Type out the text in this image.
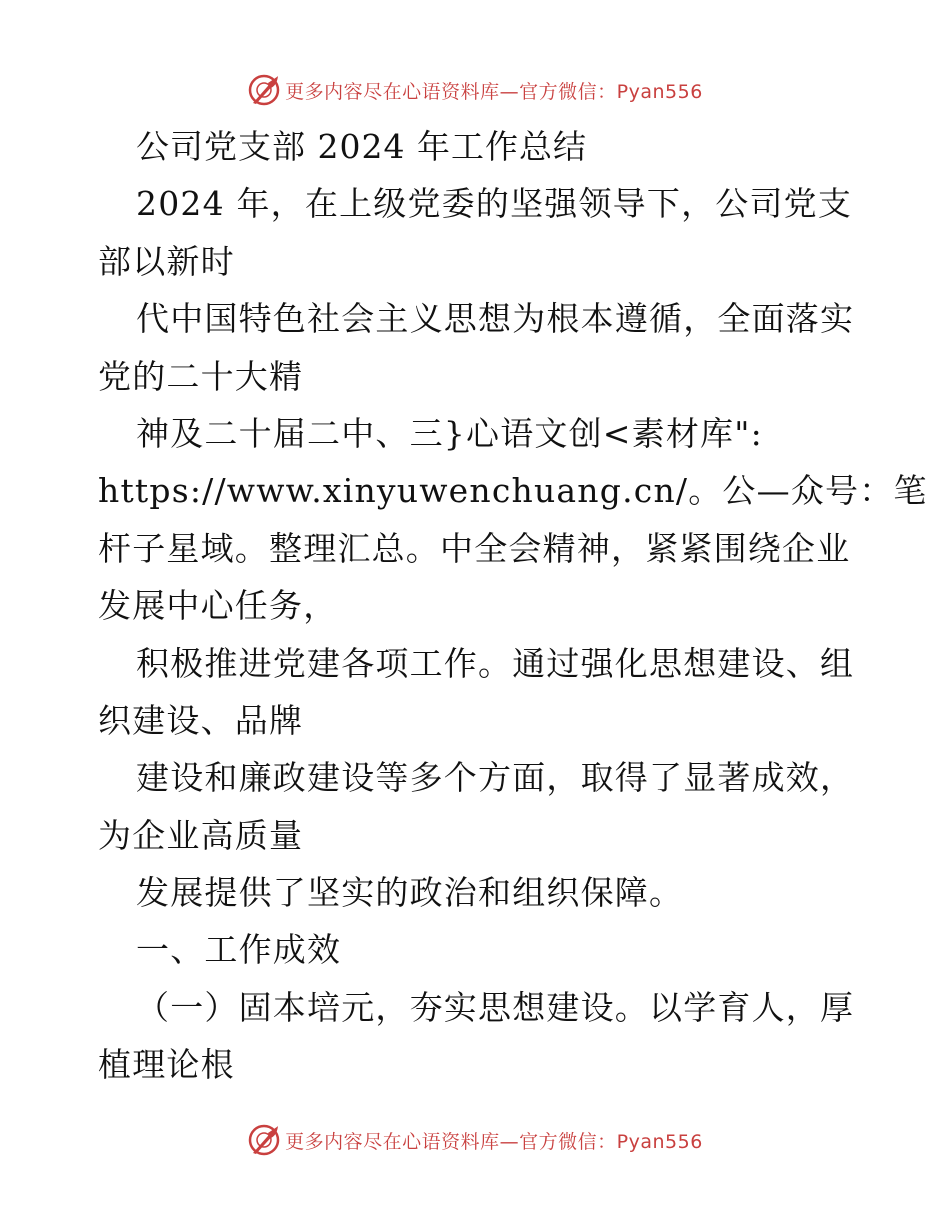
更多内容尽在心语资料库—官方微信：Pyan556
公司党支部 2024 年工作总结
2024 年，在上级党委的坚强领导下，公司党支
部以新时
代中国特色社会主义思想为根本遵循，全面落实
党的二十大精
神及二十届二中、三}心语文创<素材库":
https://www.xinyuwenchuang.cn/。公—众号：笔
杆子星域。整理汇总。中全会精神，紧紧围绕企业
发展中心任务，
积极推进党建各项工作。通过强化思想建设、组
织建设、品牌
建设和廉政建设等多个方面，取得了显著成效，
为企业高质量
发展提供了坚实的政治和组织保障。
一、工作成效
（一）固本培元，夯实思想建设。以学育人，厚
植理论根
更多内容尽在心语资料库—官方微信：Pyan556
